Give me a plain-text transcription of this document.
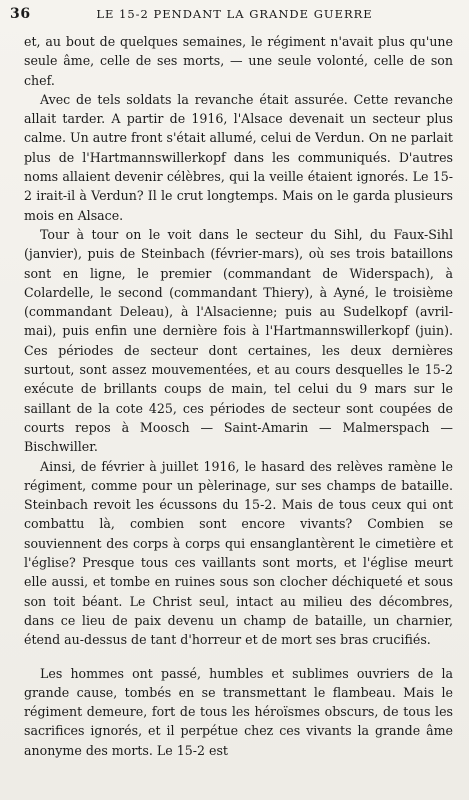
36	LE 15-2 PENDANT LA GRANDE GUERRE

et, au bout de quelques semaines, le régiment n'avait plus qu'une seule âme, celle de ses morts, — une seule volonté, celle de son chef.

Avec de tels soldats la revanche était assurée. Cette revanche allait tarder. A partir de 1916, l'Alsace devenait un secteur plus calme. Un autre front s'était allumé, celui de Verdun. On ne parlait plus de l'Hartmannswillerkopf dans les communiqués. D'autres noms allaient devenir célèbres, qui la veille étaient ignorés. Le 15-2 irait-il à Verdun? Il le crut longtemps. Mais on le garda plusieurs mois en Alsace.

Tour à tour on le voit dans le secteur du Sihl, du Faux-Sihl (janvier), puis de Steinbach (février-mars), où ses trois bataillons sont en ligne, le premier (commandant de Widerspach), à Colardelle, le second (commandant Thiery), à Ayné, le troisième (commandant Deleau), à l'Alsacienne; puis au Sudelkopf (avril-mai), puis enfin une dernière fois à l'Hartmannswillerkopf (juin). Ces périodes de secteur dont certaines, les deux dernières surtout, sont assez mouvementées, et au cours desquelles le 15-2 exécute de brillants coups de main, tel celui du 9 mars sur le saillant de la cote 425, ces périodes de secteur sont coupées de courts repos à Moosch — Saint-Amarin — Malmerspach — Bischwiller.

Ainsi, de février à juillet 1916, le hasard des relèves ramène le régiment, comme pour un pèlerinage, sur ses champs de bataille. Steinbach revoit les écussons du 15-2. Mais de tous ceux qui ont combattu là, combien sont encore vivants? Combien se souviennent des corps à corps qui ensanglantèrent le cimetière et l'église? Presque tous ces vaillants sont morts, et l'église meurt elle aussi, et tombe en ruines sous son clocher déchiqueté et sous son toit béant. Le Christ seul, intact au milieu des décombres, dans ce lieu de paix devenu un champ de bataille, un charnier, étend au-dessus de tant d'horreur et de mort ses bras crucifiés.

Les hommes ont passé, humbles et sublimes ouvriers de la grande cause, tombés en se transmettant le flambeau. Mais le régiment demeure, fort de tous les héroïsmes obscurs, de tous les sacrifices ignorés, et il perpétue chez ces vivants la grande âme anonyme des morts. Le 15-2 est
